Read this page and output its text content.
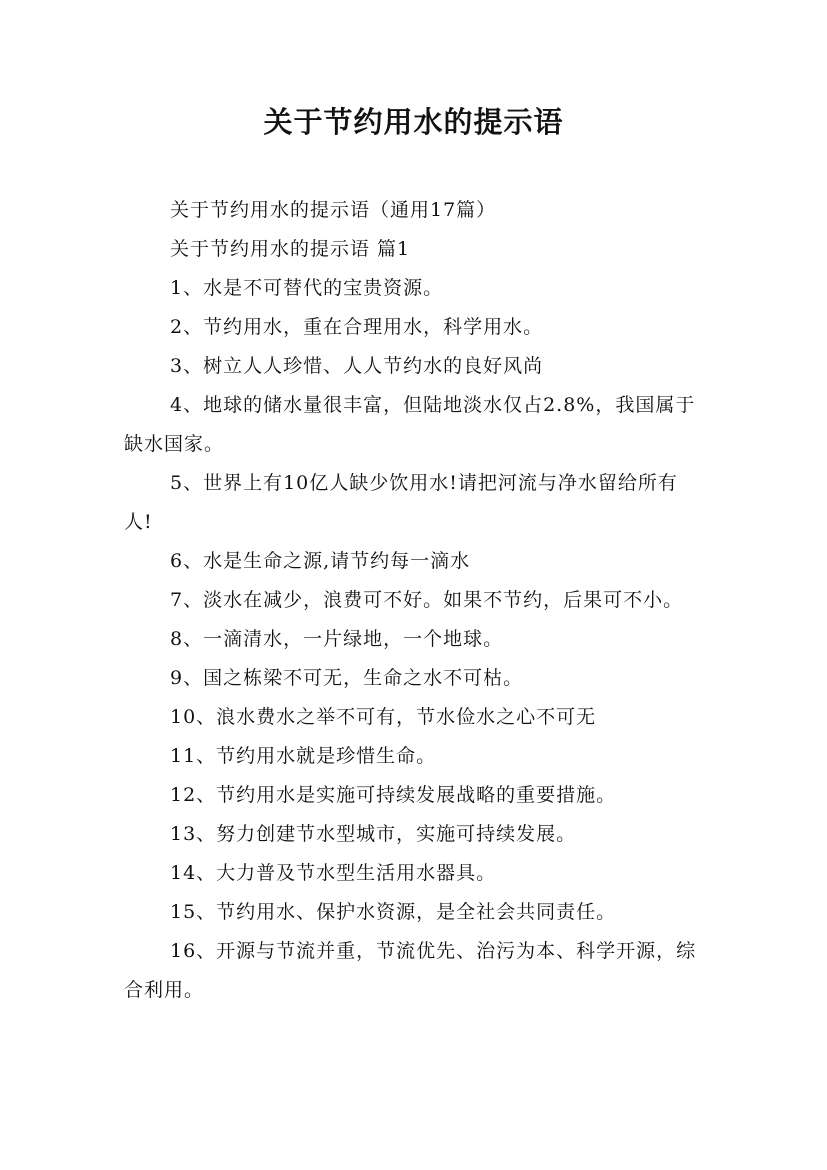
关于节约用水的提示语

关于节约用水的提示语（通用17篇）

关于节约用水的提示语 篇1

1、水是不可替代的宝贵资源。

2、节约用水，重在合理用水，科学用水。

3、树立人人珍惜、人人节约水的良好风尚

4、地球的储水量很丰富，但陆地淡水仅占2.8%，我国属于缺水国家。

5、世界上有10亿人缺少饮用水!请把河流与净水留给所有人!

6、水是生命之源,请节约每一滴水

7、淡水在减少，浪费可不好。如果不节约，后果可不小。

8、一滴清水，一片绿地，一个地球。

9、国之栋梁不可无，生命之水不可枯。

10、浪水费水之举不可有，节水俭水之心不可无

11、节约用水就是珍惜生命。

12、节约用水是实施可持续发展战略的重要措施。

13、努力创建节水型城市，实施可持续发展。

14、大力普及节水型生活用水器具。

15、节约用水、保护水资源，是全社会共同责任。

16、开源与节流并重，节流优先、治污为本、科学开源，综合利用。
